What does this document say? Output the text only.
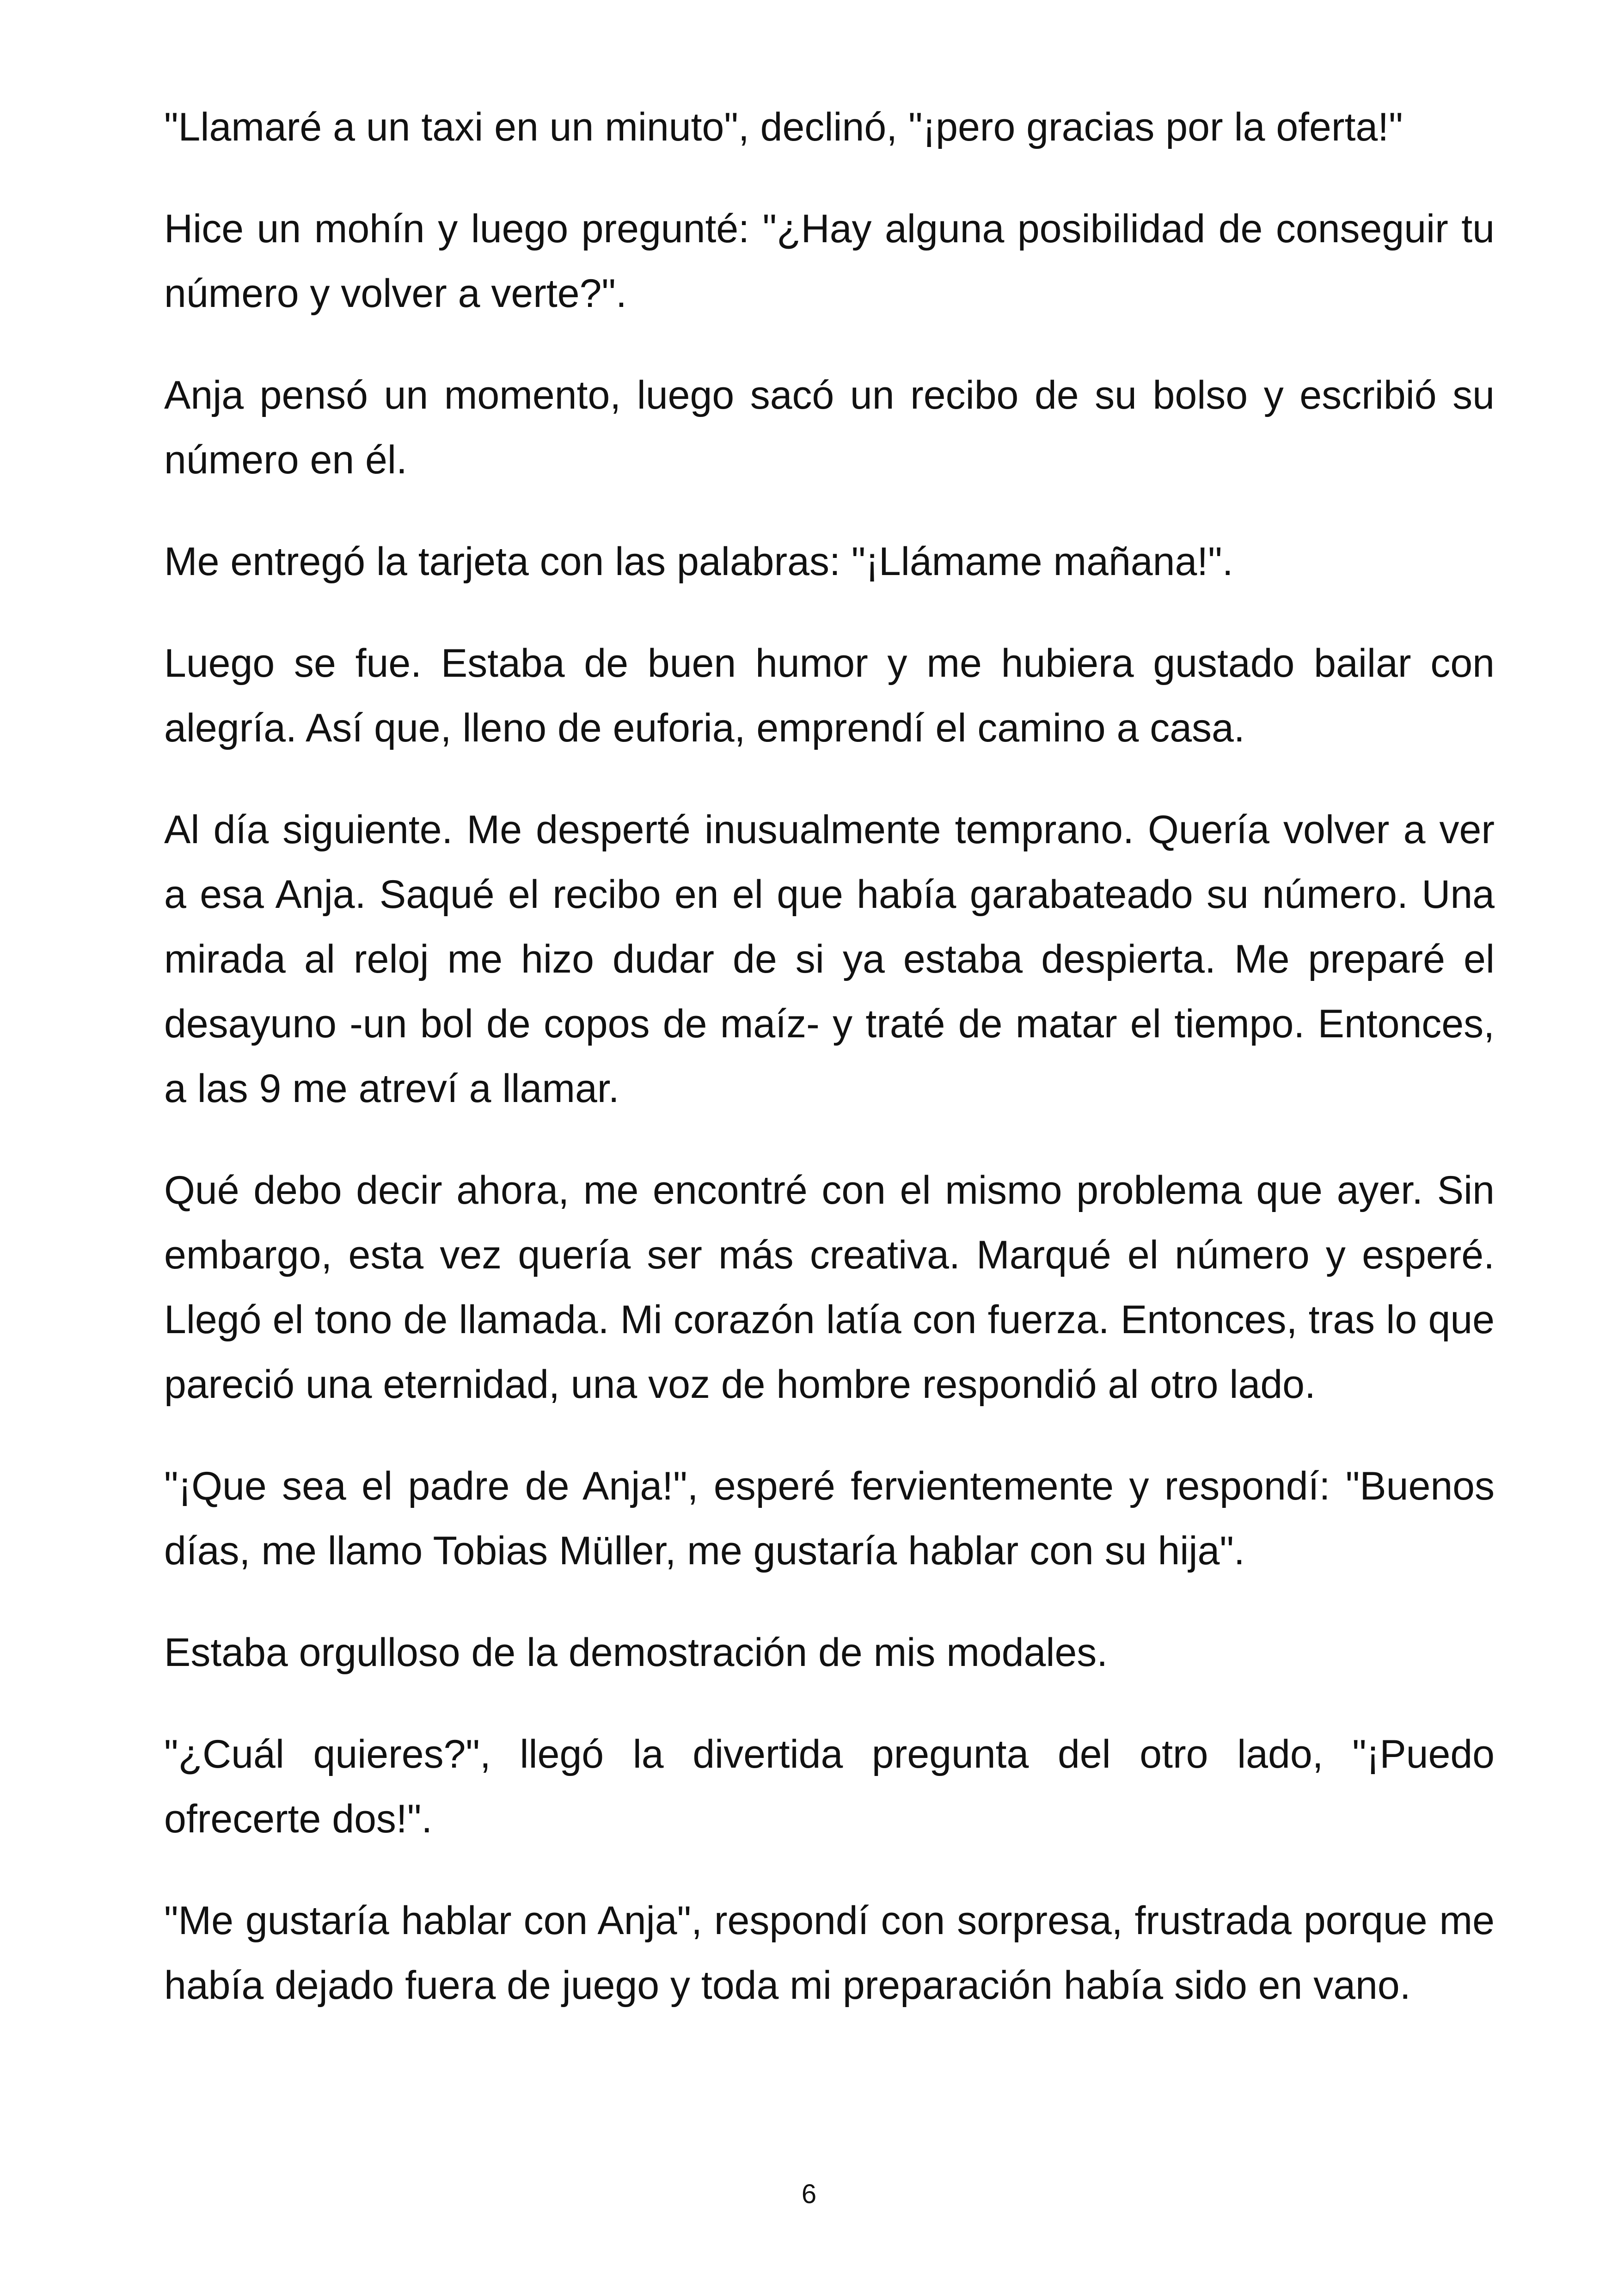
"Llamaré a un taxi en un minuto", declinó, "¡pero gracias por la oferta!"

Hice un mohín y luego pregunté: "¿Hay alguna posibilidad de conseguir tu número y volver a verte?".

Anja pensó un momento, luego sacó un recibo de su bolso y escribió su número en él.

Me entregó la tarjeta con las palabras: "¡Llámame mañana!".

Luego se fue. Estaba de buen humor y me hubiera gustado bailar con alegría. Así que, lleno de euforia, emprendí el camino a casa.

Al día siguiente. Me desperté inusualmente temprano. Quería volver a ver a esa Anja. Saqué el recibo en el que había garabateado su número. Una mirada al reloj me hizo dudar de si ya estaba despierta. Me preparé el desayuno -un bol de copos de maíz- y traté de matar el tiempo. Entonces, a las 9 me atreví a llamar.

Qué debo decir ahora, me encontré con el mismo problema que ayer. Sin embargo, esta vez quería ser más creativa. Marqué el número y esperé. Llegó el tono de llamada. Mi corazón latía con fuerza. Entonces, tras lo que pareció una eternidad, una voz de hombre respondió al otro lado.

"¡Que sea el padre de Anja!", esperé fervientemente y respondí: "Buenos días, me llamo Tobias Müller, me gustaría hablar con su hija".

Estaba orgulloso de la demostración de mis modales.

"¿Cuál quieres?", llegó la divertida pregunta del otro lado, "¡Puedo ofrecerte dos!".

"Me gustaría hablar con Anja", respondí con sorpresa, frustrada porque me había dejado fuera de juego y toda mi preparación había sido en vano.

6
